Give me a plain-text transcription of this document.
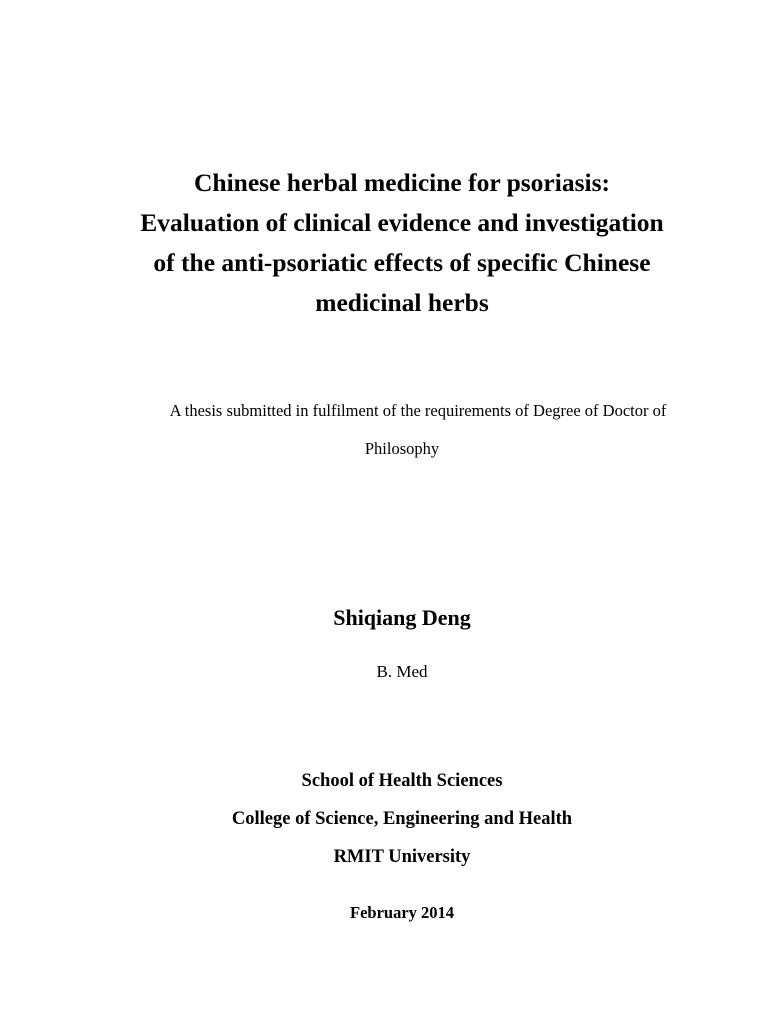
Chinese herbal medicine for psoriasis:
Evaluation of clinical evidence and investigation
of the anti-psoriatic effects of specific Chinese
medicinal herbs
A thesis submitted in fulfilment of the requirements of Degree of Doctor of
Philosophy
Shiqiang Deng
B. Med
School of Health Sciences
College of Science, Engineering and Health
RMIT University
February 2014
